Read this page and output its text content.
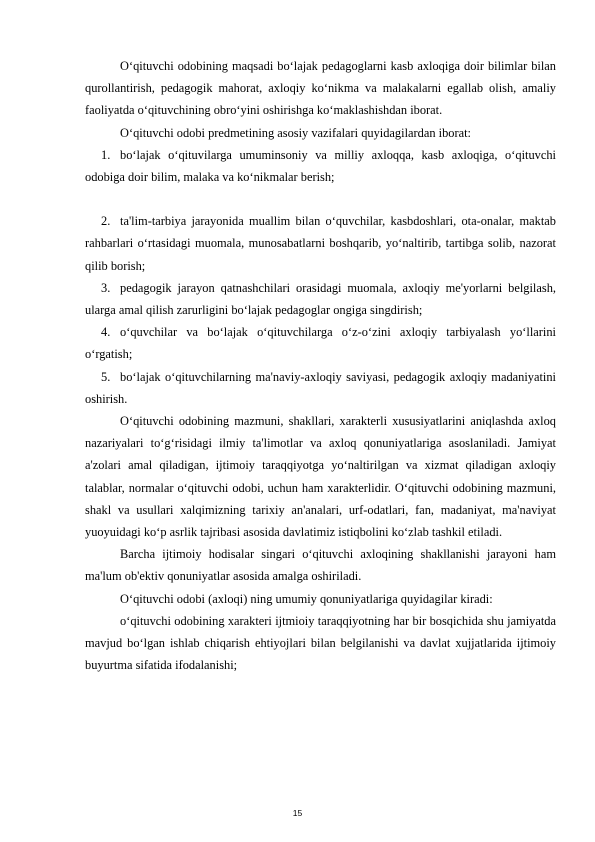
O‘qituvchi odobining maqsadi bo‘lajak pedagoglarni kasb axloqiga doir bilimlar bilan qurollantirish, pedagogik mahorat, axloqiy ko‘nikma va malakalarni egallab olish, amaliy faoliyatda o‘qituvchining obro‘yini oshirishga ko‘maklashishdan iborat.

O‘qituvchi odobi predmetining asosiy vazifalari quyidagilardan iborat:

1. bo‘lajak o‘qituvilarga umuminsoniy va milliy axloqqa, kasb axloqiga, o‘qituvchi odobiga doir bilim, malaka va ko‘nikmalar berish;

2. ta'lim-tarbiya jarayonida muallim bilan o‘quvchilar, kasbdoshlari, ota-onalar, maktab rahbarlari o‘rtasidagi muomala, munosabatlarni boshqarib, yo‘naltirib, tartibga solib, nazorat qilib borish;

3. pedagogik jarayon qatnashchilari orasidagi muomala, axloqiy me'yorlarni belgilash, ularga amal qilish zarurligini bo‘lajak pedagoglar ongiga singdirish;

4. o‘quvchilar va bo‘lajak o‘qituvchilarga o‘z-o‘zini axloqiy tarbiyalash yo‘llarini o‘rgatish;

5. bo‘lajak o‘qituvchilarning ma'naviy-axloqiy saviyasi, pedagogik axloqiy madaniyatini oshirish.

O‘qituvchi odobining mazmuni, shakllari, xarakterli xususiyatlarini aniqlashda axloq nazariyalari to‘g‘risidagi ilmiy ta'limotlar va axloq qonuniyatlariga asoslaniladi. Jamiyat a'zolari amal qiladigan, ijtimoiy taraqqiyotga yo‘naltirilgan va xizmat qiladigan axloqiy talablar, normalar o‘qituvchi odobi, uchun ham xarakterlidir. O‘qituvchi odobining mazmuni, shakl va usullari xalqimizning tarixiy an'analari, urf-odatlari, fan, madaniyat, ma'naviyat yuoyuidagi ko‘p asrlik tajribasi asosida davlatimiz istiqbolini ko‘zlab tashkil etiladi.

Barcha ijtimoiy hodisalar singari o‘qituvchi axloqining shakllanishi jarayoni ham ma'lum ob'ektiv qonuniyatlar asosida amalga oshiriladi.

O‘qituvchi odobi (axloqi) ning umumiy qonuniyatlariga quyidagilar kiradi:

o‘qituvchi odobining xarakteri ijtmioiy taraqqiyotning har bir bosqichida shu jamiyatda mavjud bo‘lgan ishlab chiqarish ehtiyojlari bilan belgilanishi va davlat xujjatlarida ijtimoiy buyurtma sifatida ifodalanishi;

15
